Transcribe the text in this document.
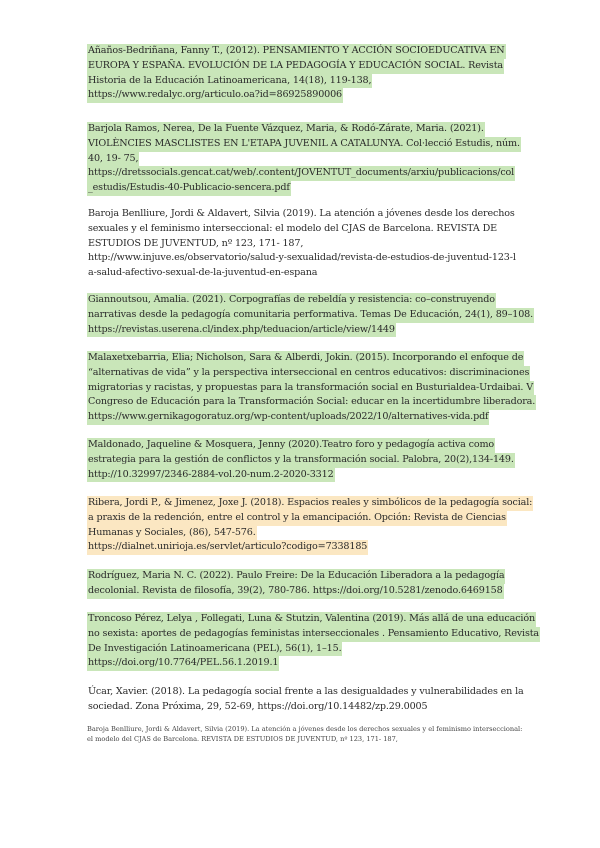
Añaños-Bedriñana, Fanny T., (2012). PENSAMIENTO Y ACCIÓN SOCIOEDUCATIVA EN
EUROPA Y ESPAÑA. EVOLUCIÓN DE LA PEDAGOGÍA Y EDUCACIÓN SOCIAL. Revista
Historia de la Educación Latinoamericana, 14(18), 119-138,
https://www.redalyc.org/articulo.oa?id=86925890006
Barjola Ramos, Nerea, De la Fuente Vázquez, Maria, & Rodó-Zárate, Maria. (2021).
VIOLÈNCIES MASCLISTES EN L'ETAPA JUVENIL A CATALUNYA. Col·lecció Estudis, núm.
40, 19- 75,
https://dretssocials.gencat.cat/web/.content/JOVENTUT_documents/arxiu/publicacions/col
_estudis/Estudis-40-Publicacio-sencera.pdf
Baroja Benlliure, Jordi & Aldavert, Silvia (2019). La atención a jóvenes desde los derechos
sexuales y el feminismo interseccional: el modelo del CJAS de Barcelona. REVISTA DE
ESTUDIOS DE JUVENTUD, nº 123, 171- 187,
http://www.injuve.es/observatorio/salud-y-sexualidad/revista-de-estudios-de-juventud-123-l
a-salud-afectivo-sexual-de-la-juventud-en-espana
Giannoutsou, Amalia. (2021). Corpografías de rebeldía y resistencia: co–construyendo
narrativas desde la pedagogía comunitaria performativa. Temas De Educación, 24(1), 89–108.
https://revistas.userena.cl/index.php/teduacion/article/view/1449
Malaxetxebarria, Elia; Nicholson, Sara & Alberdi, Jokin. (2015). Incorporando el enfoque de
“alternativas de vida” y la perspectiva interseccional en centros educativos: discriminaciones
migratorias y racistas, y propuestas para la transformación social en Busturialdea-Urdaibai. V
Congreso de Educación para la Transformación Social: educar en la incertidumbre liberadora.
https://www.gernikagogoratuz.org/wp-content/uploads/2022/10/alternatives-vida.pdf
Maldonado, Jaqueline & Mosquera, Jenny (2020).Teatro foro y pedagogía activa como
estrategia para la gestión de conflictos y la transformación social. Palobra, 20(2),134-149.
http://10.32997/2346-2884-vol.20-num.2-2020-3312
Ribera, Jordi P., & Jimenez, Joxe J. (2018). Espacios reales y simbólicos de la pedagogía social:
a praxis de la redención, entre el control y la emancipación. Opción: Revista de Ciencias
Humanas y Sociales, (86), 547-576.
https://dialnet.unirioja.es/servlet/articulo?codigo=7338185
Rodríguez, Maria N. C. (2022). Paulo Freire: De la Educación Liberadora a la pedagogía
decolonial. Revista de filosofía, 39(2), 780-786. https://doi.org/10.5281/zenodo.6469158
Troncoso Pérez, Lelya , Follegati, Luna & Stutzin, Valentina (2019). Más allá de una educación
no sexista: aportes de pedagogías feministas interseccionales . Pensamiento Educativo, Revista
De Investigación Latinoamericana (PEL), 56(1), 1–15.
https://doi.org/10.7764/PEL.56.1.2019.1
Úcar, Xavier. (2018). La pedagogía social frente a las desigualdades y vulnerabilidades en la
sociedad. Zona Próxima, 29, 52-69, https://doi.org/10.14482/zp.29.0005
Baroja Benlliure, Jordi & Aldavert, Silvia (2019). La atención a jóvenes desde los derechos sexuales y el feminismo interseccional:
el modelo del CJAS de Barcelona. REVISTA DE ESTUDIOS DE JUVENTUD, nº 123, 171- 187,
